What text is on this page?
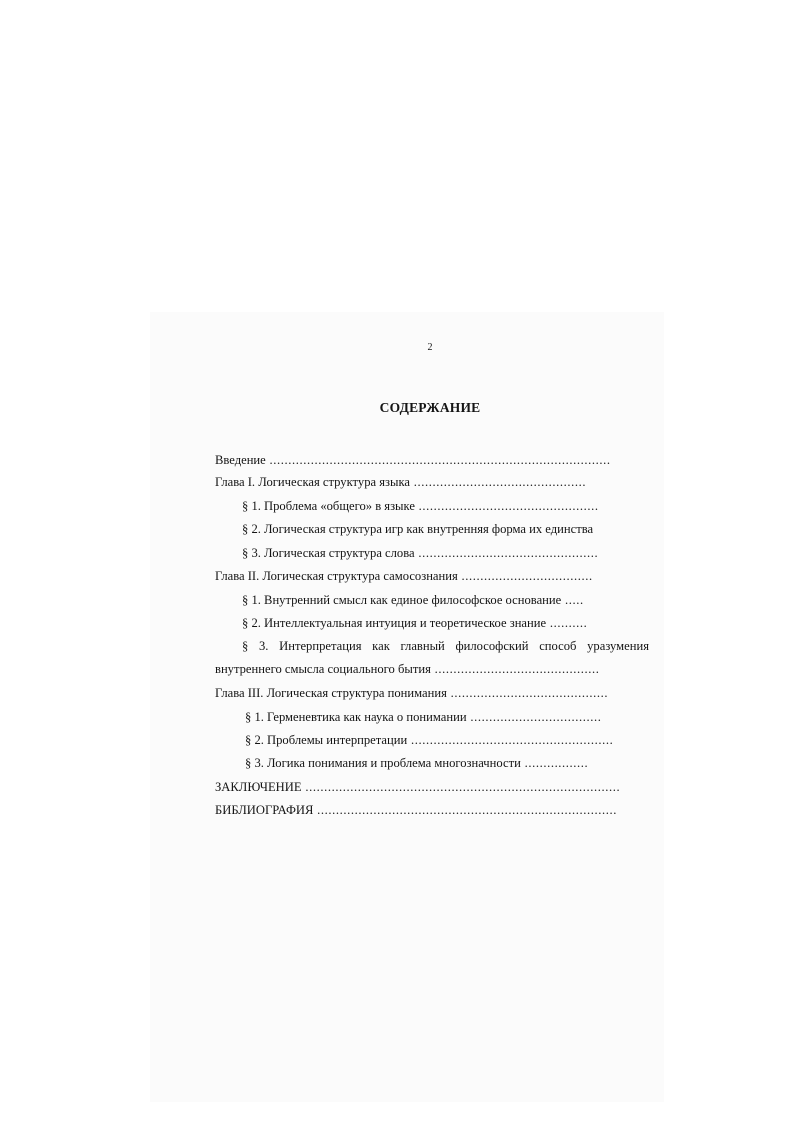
2
СОДЕРЖАНИЕ
Введение ...........................................................................................
Глава I. Логическая структура языка ..............................................
§ 1. Проблема «общего» в языке ................................................
§ 2. Логическая структура игр как внутренняя форма их единства
§ 3. Логическая структура слова ................................................
Глава II. Логическая структура самосознания ...................................
§ 1. Внутренний смысл как единое философское основание .....
§ 2. Интеллектуальная интуиция и теоретическое знание ..........
§ 3. Интерпретация как главный философский способ уразумения
внутреннего смысла социального бытия ............................................
Глава III. Логическая структура понимания ..........................................
§ 1. Герменевтика как наука о понимании ...................................
§ 2. Проблемы интерпретации ......................................................
§ 3. Логика понимания и проблема многозначности .................
ЗАКЛЮЧЕНИЕ ....................................................................................
БИБЛИОГРАФИЯ ................................................................................
